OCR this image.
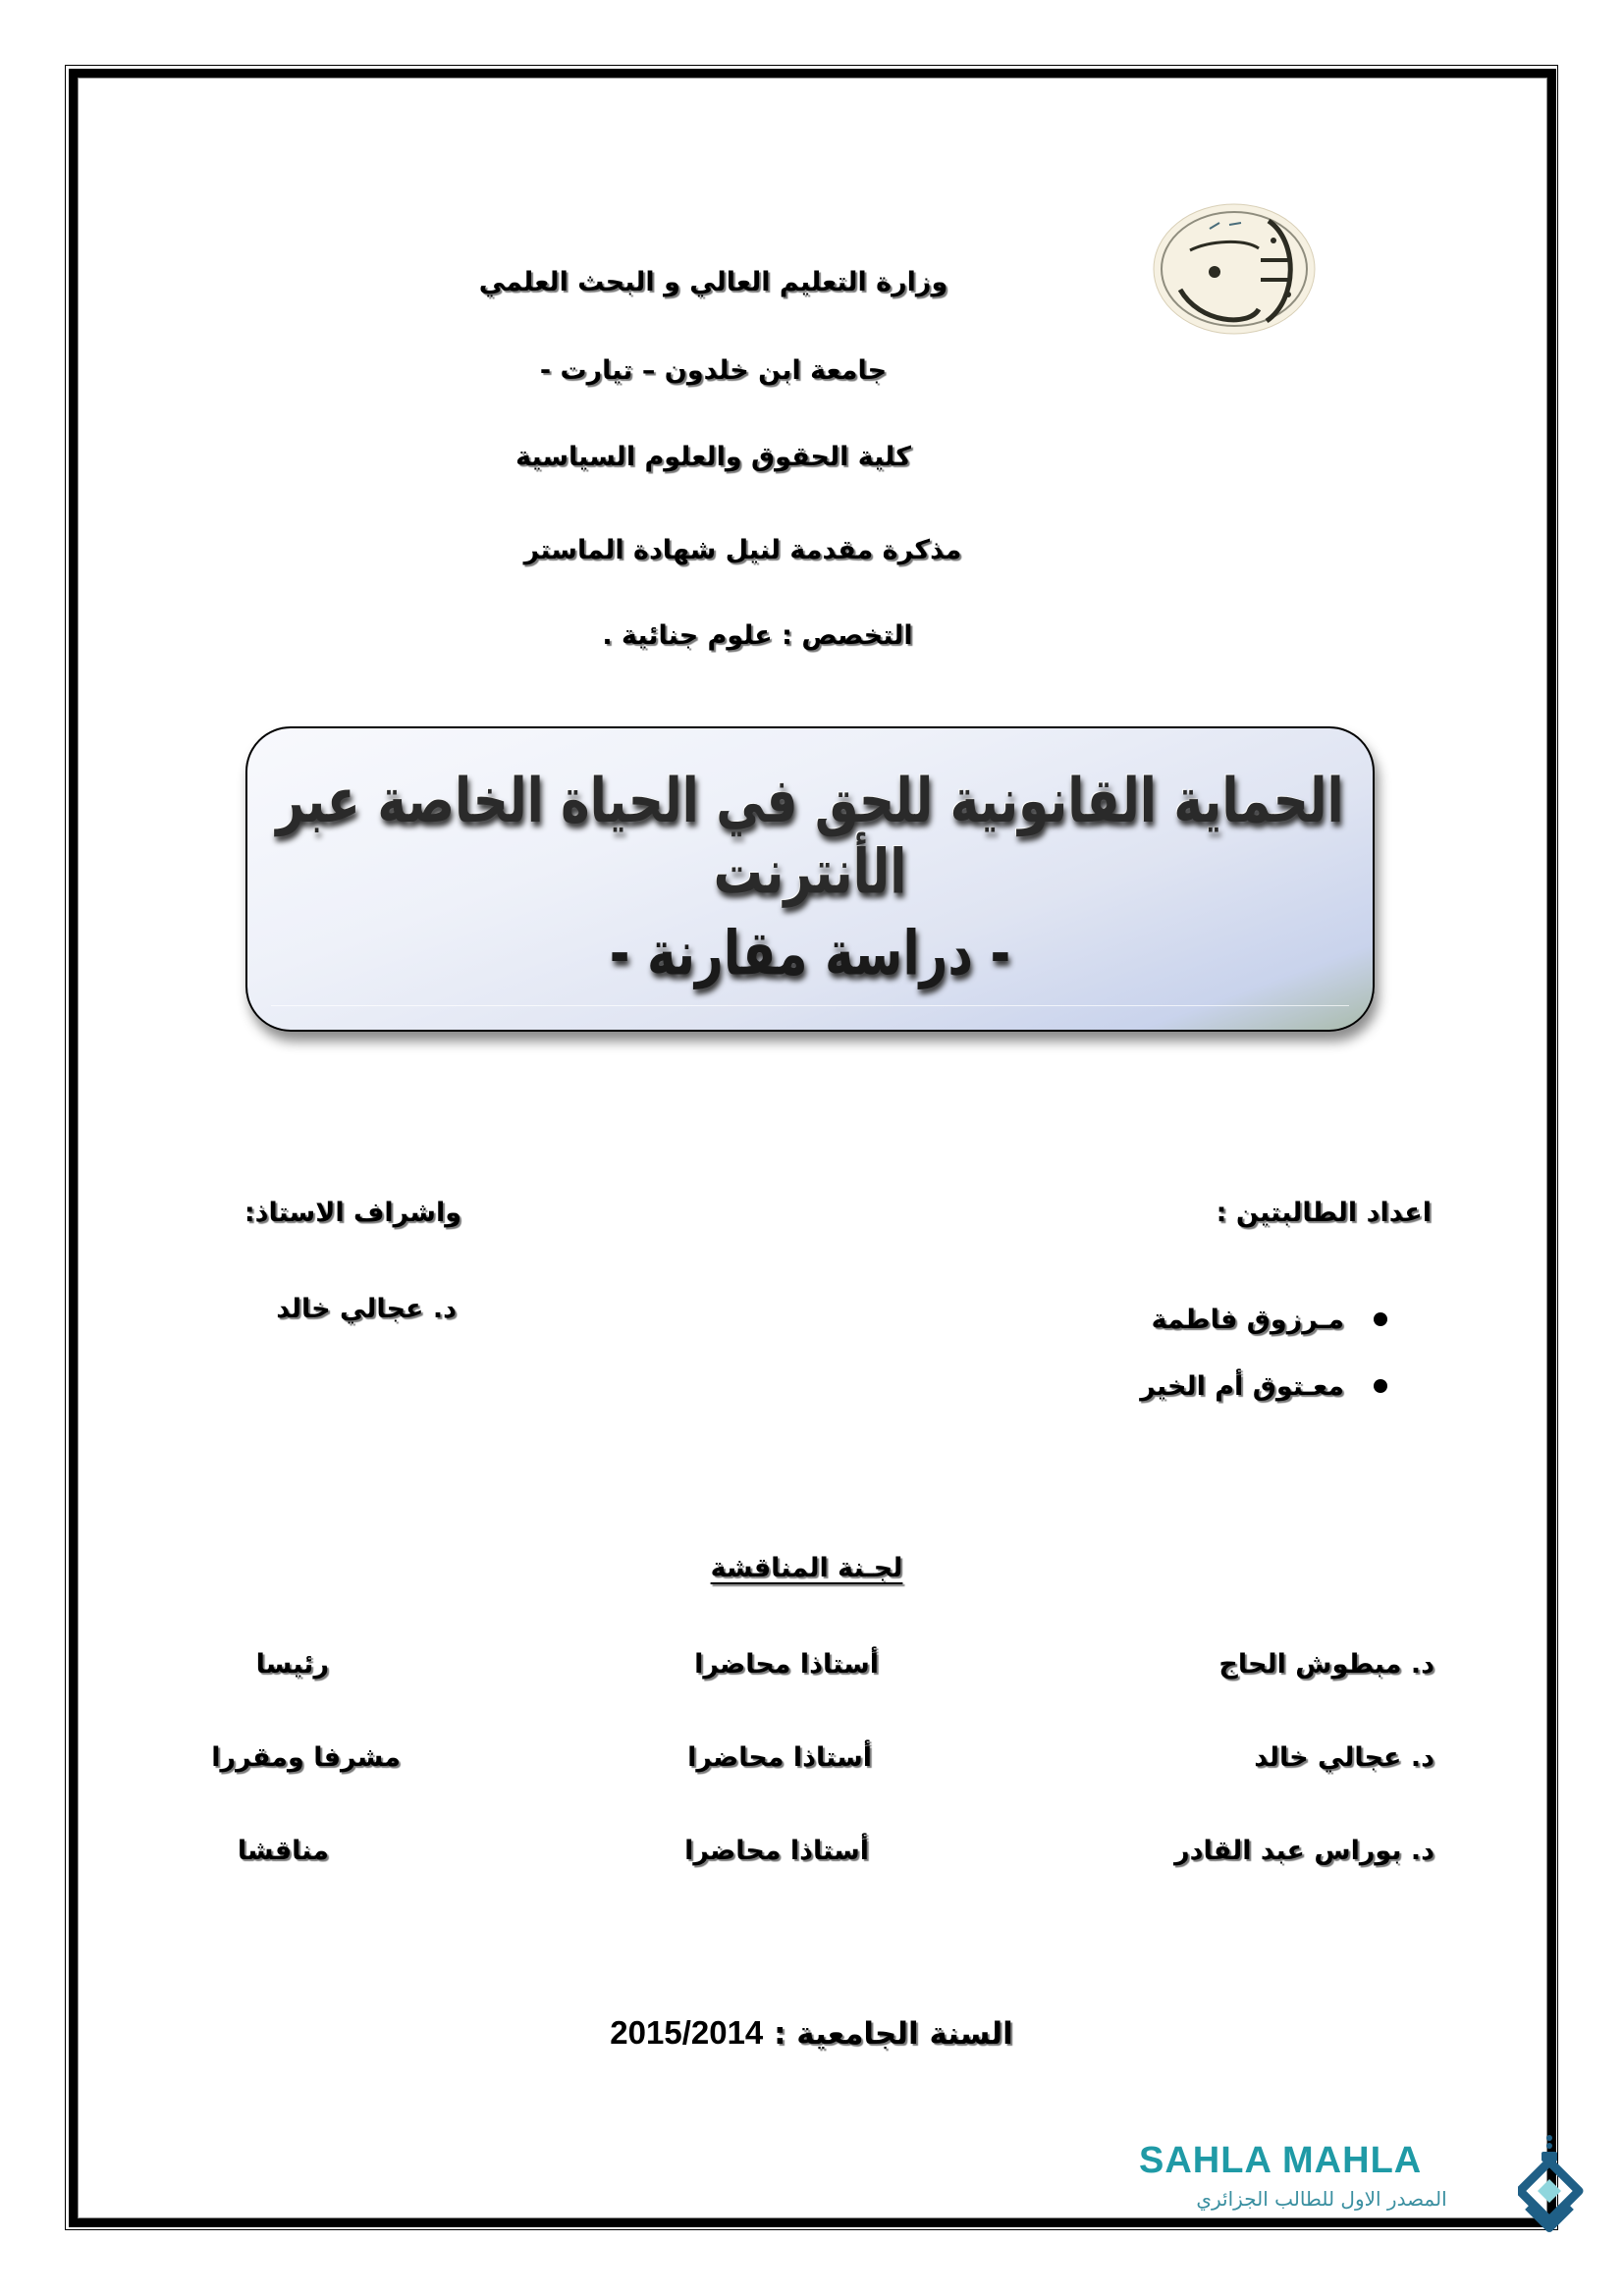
وزارة التعليم العالي و البحث العلمي
جامعة ابن خلدون – تيارت -
كلية الحقوق والعلوم السياسية
مذكرة مقدمة لنيل شهادة الماستر
التخصص : علوم جنائية .
الحماية القانونية للحق في الحياة الخاصة عبر الأنترنت
- دراسة مقارنة -
اعداد الطالبتين :
واشراف الاستاذ:
مـرزوق فاطمة
معـتوق أم الخير
د. عجالي خالد
لجـنة المناقشة
د. مبطوش الحاج
أستاذا محاضرا
رئيسا
د. عجالي خالد
أستاذا محاضرا
مشرفا ومقررا
د. بوراس عبد القادر
أستاذا محاضرا
مناقشا
السنة الجامعية : 2015/2014
SAHLA MAHLA
المصدر الاول للطالب الجزائري
